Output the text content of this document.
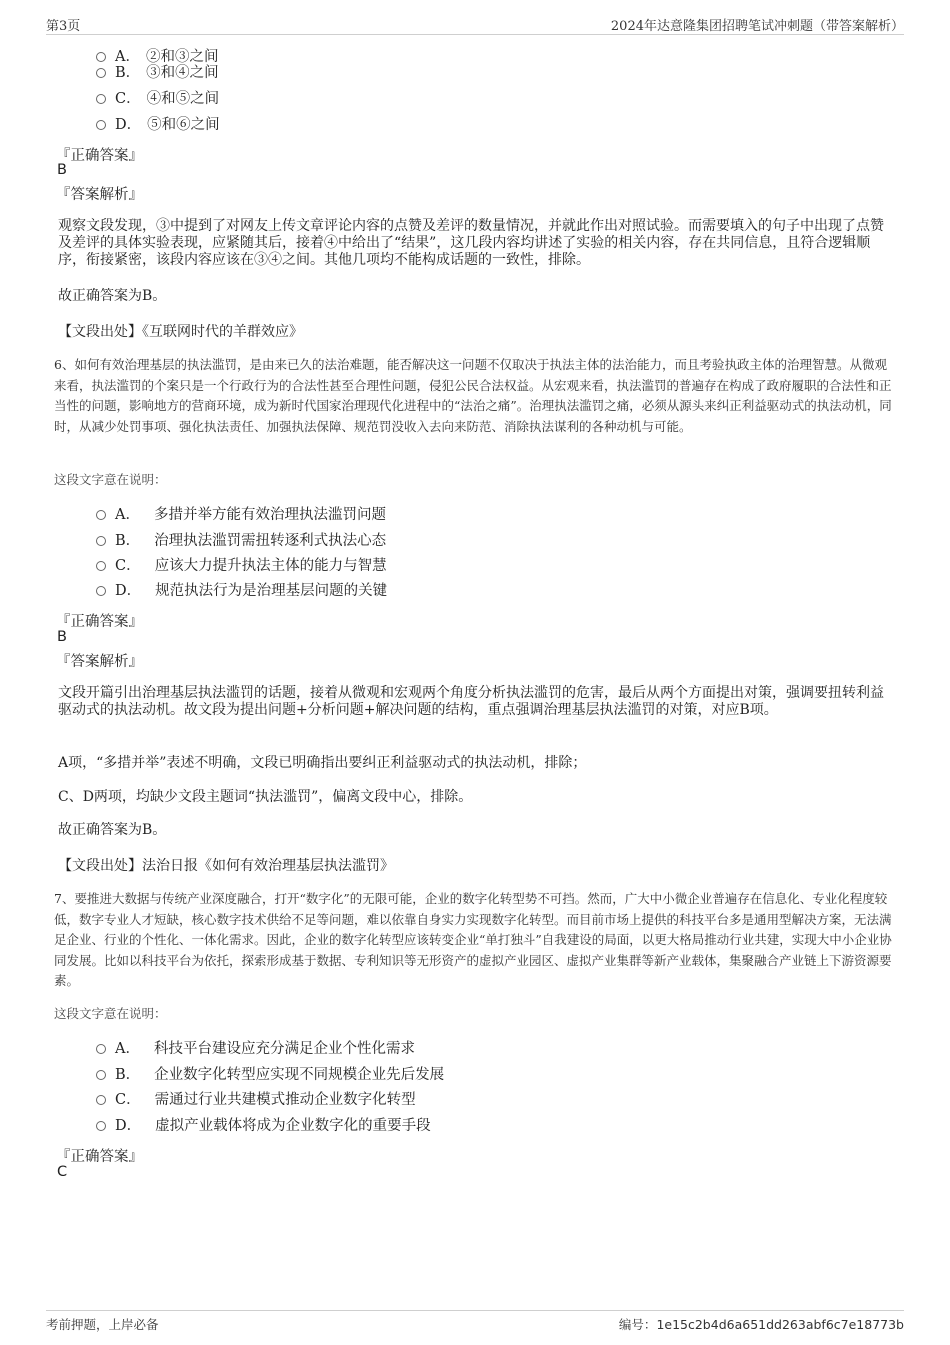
第3页	2024年达意隆集团招聘笔试冲刺题（带答案解析）
A． ②和③之间
B． ③和④之间
C． ④和⑤之间
D． ⑤和⑥之间
『正确答案』
B
『答案解析』
观察文段发现，③中提到了对网友上传文章评论内容的点赞及差评的数量情况，并就此作出对照试验。而需要填入的句子中出现了点赞及差评的具体实验表现，应紧随其后，接着④中给出了“结果”，这几段内容均讲述了实验的相关内容，存在共同信息，且符合逻辑顺序，衔接紧密，该段内容应该在③④之间。其他几项均不能构成话题的一致性，排除。
故正确答案为B。
【文段出处】《互联网时代的羊群效应》
6、如何有效治理基层的执法滥罚，是由来已久的法治难题，能否解决这一问题不仅取决于执法主体的法治能力，而且考验执政主体的治理智慧。从微观来看，执法滥罚的个案只是一个行政行为的合法性甚至合理性问题，侵犯公民合法权益。从宏观来看，执法滥罚的普遍存在构成了政府履职的合法性和正当性的问题，影响地方的营商环境，成为新时代国家治理现代化进程中的“法治之痛”。治理执法滥罚之痛，必须从源头来纠正利益驱动式的执法动机，同时，从减少处罚事项、强化执法责任、加强执法保障、规范罚没收入去向来防范、消除执法谋利的各种动机与可能。
这段文字意在说明：
A． 多措并举方能有效治理执法滥罚问题
B． 治理执法滥罚需扭转逐利式执法心态
C． 应该大力提升执法主体的能力与智慧
D． 规范执法行为是治理基层问题的关键
『正确答案』
B
『答案解析』
文段开篇引出治理基层执法滥罚的话题，接着从微观和宏观两个角度分析执法滥罚的危害，最后从两个方面提出对策，强调要扭转利益驱动式的执法动机。故文段为提出问题+分析问题+解决问题的结构，重点强调治理基层执法滥罚的对策，对应B项。
A项，“多措并举”表述不明确，文段已明确指出要纠正利益驱动式的执法动机，排除；
C、D两项，均缺少文段主题词“执法滥罚”，偏离文段中心，排除。
故正确答案为B。
【文段出处】法治日报《如何有效治理基层执法滥罚》
7、要推进大数据与传统产业深度融合，打开“数字化”的无限可能，企业的数字化转型势不可挡。然而，广大中小微企业普遍存在信息化、专业化程度较低，数字专业人才短缺，核心数字技术供给不足等问题，难以依靠自身实力实现数字化转型。而目前市场上提供的科技平台多是通用型解决方案，无法满足企业、行业的个性化、一体化需求。因此，企业的数字化转型应该转变企业“单打独斗”自我建设的局面，以更大格局推动行业共建，实现大中小企业协同发展。比如以科技平台为依托，探索形成基于数据、专利知识等无形资产的虚拟产业园区、虚拟产业集群等新产业载体，集聚融合产业链上下游资源要素。
这段文字意在说明：
A． 科技平台建设应充分满足企业个性化需求
B． 企业数字化转型应实现不同规模企业先后发展
C． 需通过行业共建模式推动企业数字化转型
D． 虚拟产业载体将成为企业数字化的重要手段
『正确答案』
C
考前押题，上岸必备	编号：1e15c2b4d6a651dd263abf6c7e18773b
